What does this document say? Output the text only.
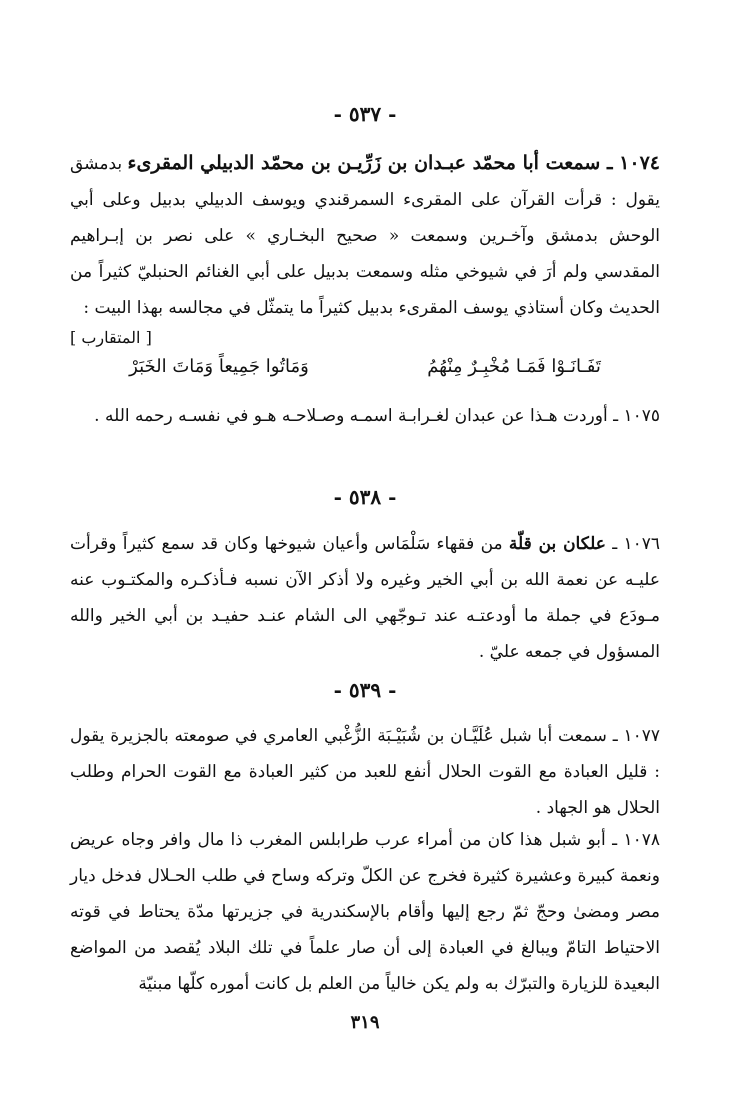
- ٥٣٧ -
١٠٧٤ ـ سمعت أبا محمّد عبـدان بن زَرِّيـن بن محمّد الدبيلي المقرىء بدمشق يقول : قرأت القرآن على المقرىء السمرقندي ويوسف الدبيلي بدبيل وعلى أبي الوحش بدمشق وآخـرين وسمعت « صحيح البخـاري » على نصر بن إبـراهيم المقدسي ولم أرَ في شيوخي مثله وسمعت بدبيل على أبي الغنائم الحنبليّ كثيراً من الحديث وكان أستاذي يوسف المقرىء بدبيل كثيراً ما يتمثّل في مجالسه بهذا البيت :
[ المتقارب ]
تَفَـانَـوْا فَمَـا مُخْبِـرٌ مِنْهُمُ
وَمَاتُوا جَمِيعاً وَمَاتَ الخَبَرْ
١٠٧٥ ـ أوردت هـذا عن عبدان لغـرابـة اسمـه وصـلاحـه هـو في نفسـه رحمه الله .
- ٥٣٨ -
١٠٧٦ ـ علكان بن قلّة من فقهاء سَلْمَاس وأعيان شيوخها وكان قد سمع كثيراً وقرأت عليـه عن نعمة الله بن أبي الخير وغيره ولا أذكر الآن نسبه فـأذكـره والمكتـوب عنه مـودَع في جملة ما أودعتـه عند تـوجّهي الى الشام عنـد حفيـد بن أبي الخير والله المسؤول في جمعه عليّ .
- ٥٣٩ -
١٠٧٧ ـ سمعت أبا شبل عُلَيَّـان بن شُبَيْـبَة الزُّغْبي العامري في صومعته بالجزيرة يقول : قليل العبادة مع القوت الحلال أنفع للعبد من كثير العبادة مع القوت الحرام وطلب الحلال هو الجهاد .
١٠٧٨ ـ أبو شبل هذا كان من أمراء عرب طرابلس المغرب ذا مال وافر وجاه عريض ونعمة كبيرة وعشيرة كثيرة فخرج عن الكلّ وتركه وساح في طلب الحـلال فدخل ديار مصر ومضىٰ وحجّ ثمّ رجع إليها وأقام بالإسكندرية في جزيرتها مدّة يحتاط في قوته الاحتياط التامّ ويبالغ في العبادة إلى أن صار علماً في تلك البلاد يُقصد من المواضع البعيدة للزيارة والتبرّك به ولم يكن خالياً من العلم بل كانت أموره كلّها مبنيّة
٣١٩
